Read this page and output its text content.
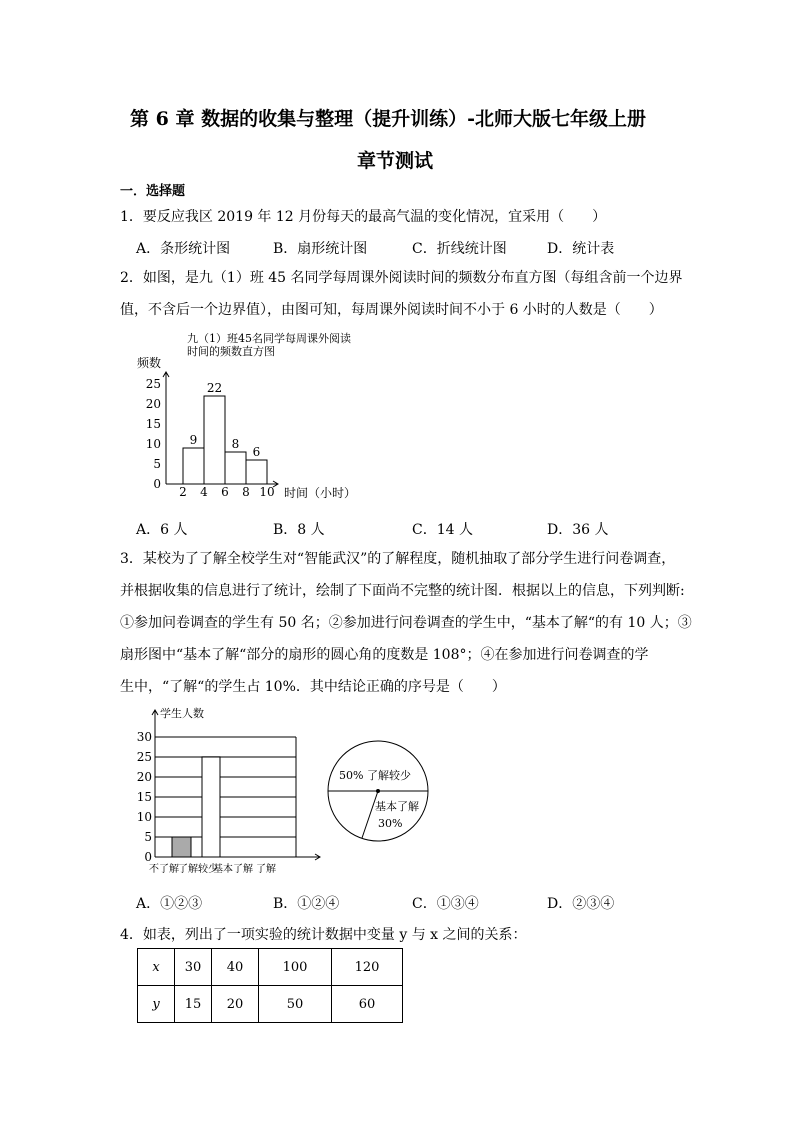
第 6 章 数据的收集与整理（提升训练）-北师大版七年级上册
章节测试
一．选择题
1．要反应我区 2019 年 12 月份每天的最高气温的变化情况，宜采用（　　）
A．条形统计图	B．扇形统计图	C．折线统计图	D．统计表
2．如图，是九（1）班 45 名同学每周课外阅读时间的频数分布直方图（每组含前一个边界
值，不含后一个边界值），由图可知，每周课外阅读时间不小于 6 小时的人数是（　　）
九（1）班45名同学每周课外阅读
时间的频数直方图
频数
时间（小时）
0
5
10
15
20
25
2 4 6 8 10
9
22
8
6
A．6 人	B．8 人	C．14 人	D．36 人
3．某校为了了解全校学生对“智能武汉”的了解程度，随机抽取了部分学生进行问卷调查，
并根据收集的信息进行了统计，绘制了下面尚不完整的统计图．根据以上的信息，下列判断:
①参加问卷调查的学生有 50 名；②参加进行问卷调查的学生中，“基本了解“的有 10 人；③
扇形图中“基本了解“部分的扇形的圆心角的度数是 108°；④在参加进行问卷调查的学
生中，“了解“的学生占 10%．其中结论正确的序号是（　　）
学生人数
0
5
10
15
20
25
30
不了解 了解较少
基本了解 了解
50% 了解较少
基本了解
30%
A．①②③	B．①②④	C．①③④	D．②③④
4．如表，列出了一项实验的统计数据中变量 y 与 x 之间的关系：
x	30	40	100	120
y	15	20	50	60
